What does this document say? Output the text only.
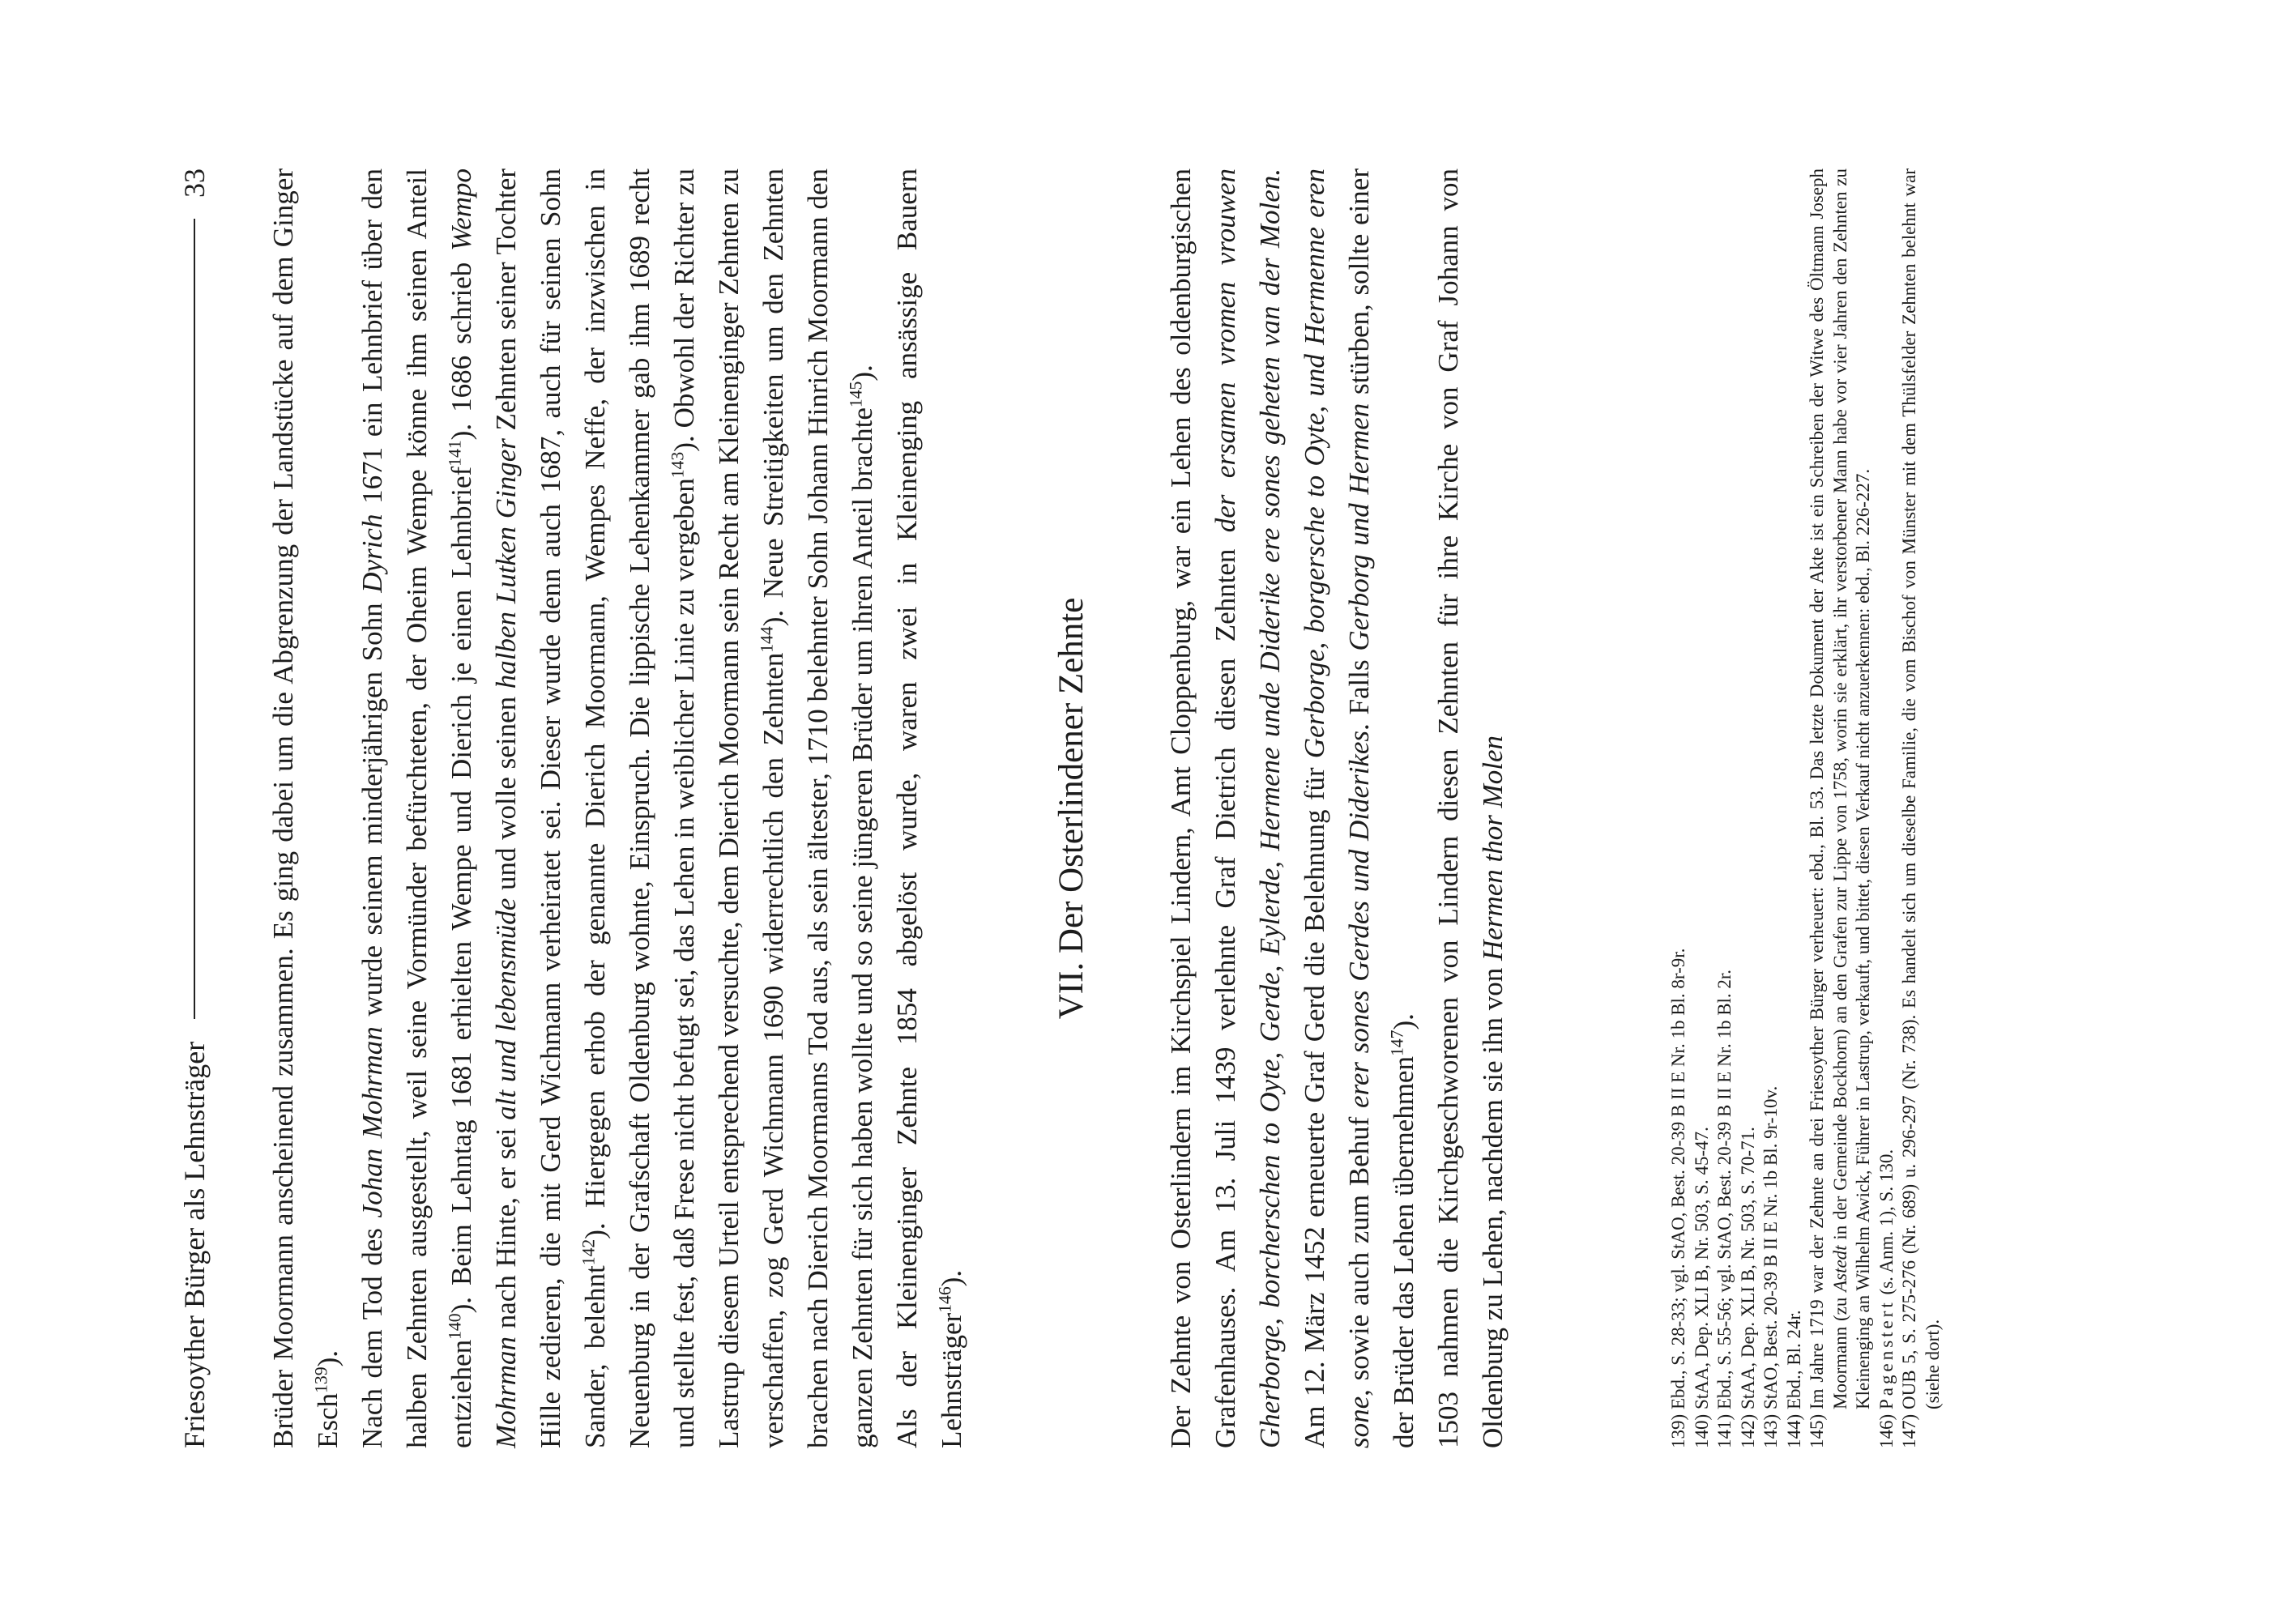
Friesoyther Bürger als Lehnsträger
33 Brüder Moormann anscheinend zusammen. Es ging dabei um die Abgrenzung der Landstücke auf dem Ginger Esch$^{139}$). Nach dem Tod des Johan Mohrman wurde seinem minderjährigen Sohn Dyrich 1671 ein Lehnbrief über den halben Zehnten ausgestellt, weil seine Vormünder befürchteten, der Oheim Wempe könne ihm seinen Anteil entziehen$^{140}$). Beim Lehntag 1681 erhielten Wempe und Dierich je einen Lehnbrief$^{141}$). 1686 schrieb Wempo Mohrman nach Hinte, er sei alt und lebensmüde und wolle seinen halben Lutken Ginger Zehnten seiner Tochter Hille zedieren, die mit Gerd Wichmann verheiratet sei. Dieser wurde denn auch 1687, auch für seinen Sohn Sander, belehnt$^{142}$). Hiergegen erhob der genannte Dierich Moormann, Wempes Neffe, der inzwischen in Neuenburg in der Grafschaft Oldenburg wohnte, Einspruch. Die lippische Lehenkammer gab ihm 1689 recht und stellte fest, daß Frese nicht befugt sei, das Lehen in weiblicher Linie zu vergeben$^{143}$). Obwohl der Richter zu Lastrup diesem Urteil entsprechend versuchte, dem Dierich Moormann sein Recht am Kleinenginger Zehnten zu verschaffen, zog Gerd Wichmann 1690 widerrechtlich den Zehnten$^{144}$). Neue Streitigkeiten um den Zehnten brachen nach Dierich Moormanns Tod aus, als sein ältester, 1710 belehnter Sohn Johann Hinrich Moormann den ganzen Zehnten für sich haben wollte und so seine jüngeren Brüder um ihren Anteil brachte$^{145}$). Als der Kleinenginger Zehnte 1854 abgelöst wurde, waren zwei in Kleinenging ansässige Bauern Lehnsträger$^{146}$).

VII. Der Osterlindener Zehnte	Der Zehnte von Osterlindern im Kirchspiel Lindern, Amt Cloppenburg, war ein Lehen des oldenburgischen Grafenhauses. Am 13. Juli 1439 verlehnte Graf Dietrich diesen Zehnten der ersamen vromen vrouwen Gherborge, borcherschen to Oyte, Gerde, Eylerde, Hermene unde Diderike ere sones geheten van der Molen. Am 12. März 1452 erneuerte Graf Gerd die Belehnung für Gerborge, borgersche to Oyte, und Hermenne eren sone, sowie auch zum Behuf erer sones Gerdes und Diderikes. Falls Gerborg und Hermen stürben, sollte einer der Brüder das Lehen übernehmen$^{147}$). 1503 nahmen die Kirchgeschworenen von Lindern diesen Zehnten für ihre Kirche von Graf Johann von Oldenburg zu Lehen, nachdem sie ihn von Hermen thor Molen

139)
Ebd., S. 28-33; vgl. StAO, Best. 20-39 B II E Nr. 1b Bl. 8r-9r.
140)
StAA, Dep. XLI B, Nr. 503, S. 45-47.
141)
Ebd., S. 55-56; vgl. StAO, Best. 20-39 B II E Nr. 1b Bl. 2r.
142)
StAA, Dep. XLI B, Nr. 503, S. 70-71.
143)
StAO, Best. 20-39 B II E Nr. 1b Bl. 9r-10v.
144)
Ebd., Bl. 24r.
145)
Im Jahre 1719 war der Zehnte an drei Friesoyther Bürger verheuert: ebd., Bl. 53. Das letzte Dokument der Akte ist ein Schreiben der Witwe des Öltmann Joseph Moormann (zu Astedt in der Gemeinde Bockhorn) an den Grafen zur Lippe von 1758, worin sie erklärt, ihr verstorbener Mann habe vor vier Jahren den Zehnten zu Kleinenging an Wilhelm Awick, Führer in Lastrup, verkauft, und bittet, diesen Verkauf nicht anzuerkennen: ebd., Bl. 226-227.
146)
Pagenstert (s. Anm. 1), S. 130.
147)
OUB 5, S. 275-276 (Nr. 689) u. 296-297 (Nr. 738). Es handelt sich um dieselbe Familie, die vom Bischof von Münster mit dem Thülsfelder Zehnten belehnt war (siehe dort).
